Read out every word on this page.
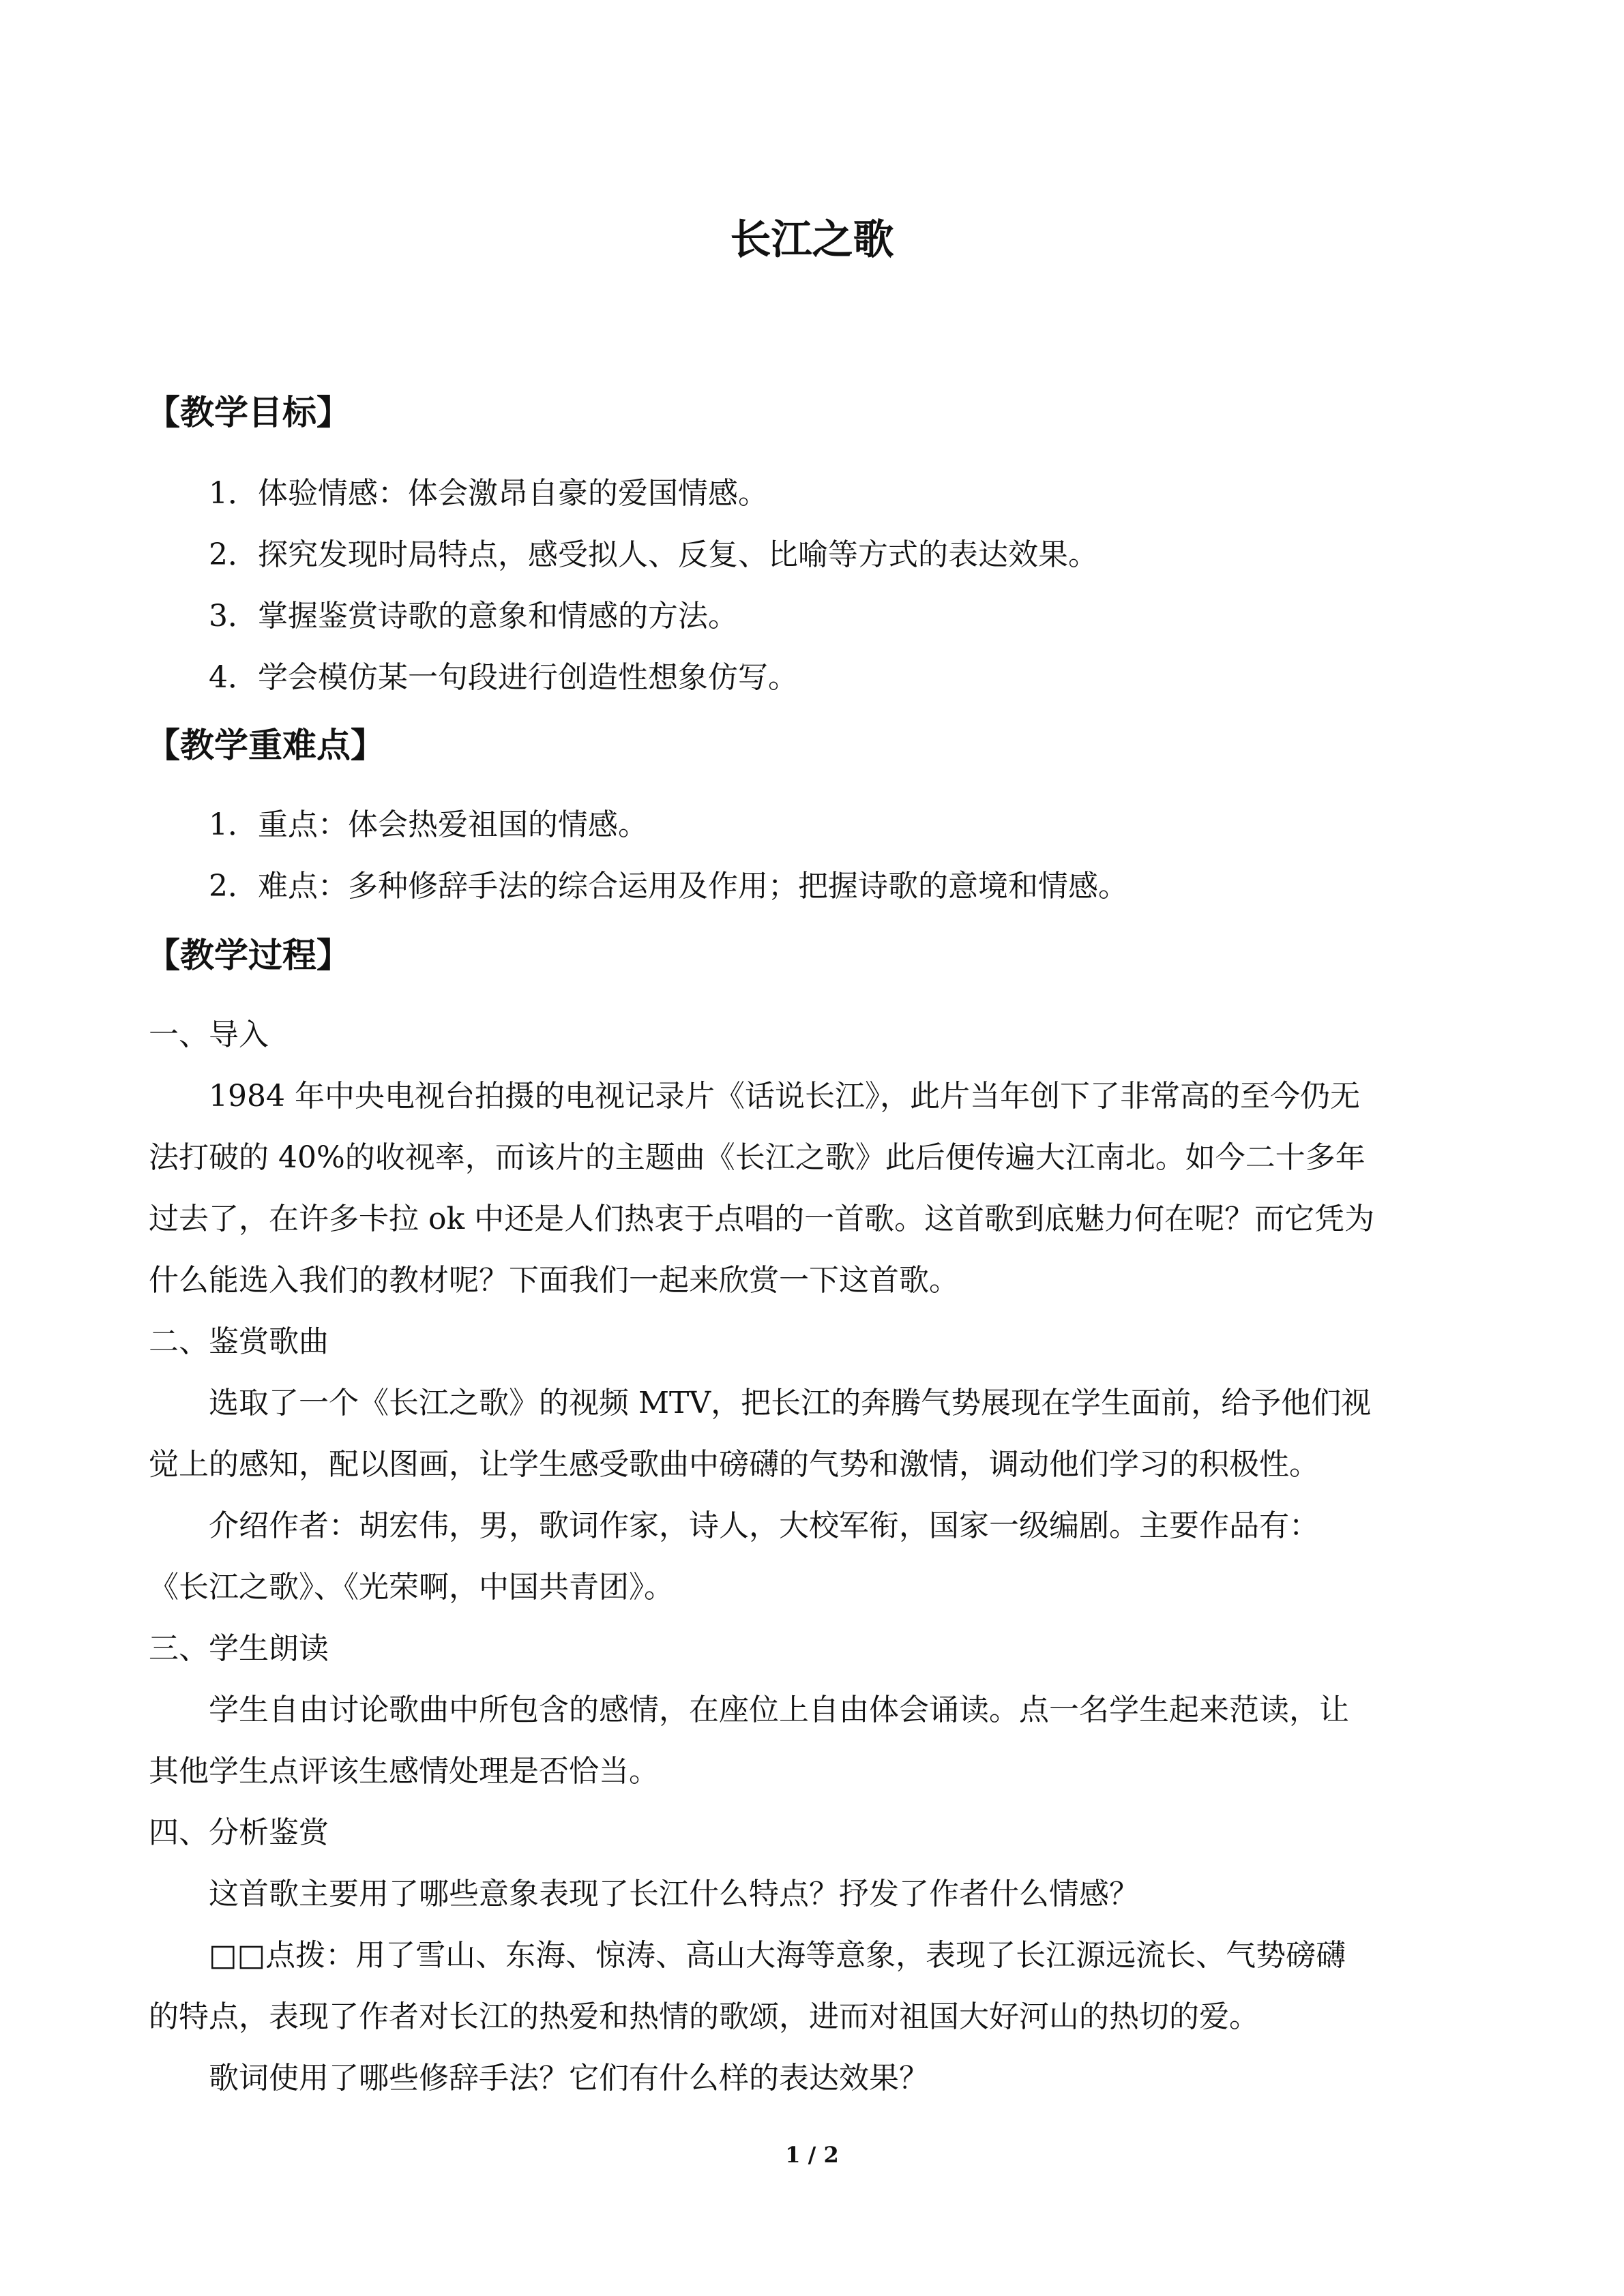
长江之歌
【教学目标】
1．体验情感：体会激昂自豪的爱国情感。
2．探究发现时局特点，感受拟人、反复、比喻等方式的表达效果。
3．掌握鉴赏诗歌的意象和情感的方法。
4．学会模仿某一句段进行创造性想象仿写。
【教学重难点】
1．重点：体会热爱祖国的情感。
2．难点：多种修辞手法的综合运用及作用；把握诗歌的意境和情感。
【教学过程】
一、导入
1984 年中央电视台拍摄的电视记录片《话说长江》，此片当年创下了非常高的至今仍无
法打破的 40%的收视率，而该片的主题曲《长江之歌》此后便传遍大江南北。如今二十多年
过去了，在许多卡拉 ok 中还是人们热衷于点唱的一首歌。这首歌到底魅力何在呢？而它凭为
什么能选入我们的教材呢？下面我们一起来欣赏一下这首歌。
二、鉴赏歌曲
选取了一个《长江之歌》的视频 MTV，把长江的奔腾气势展现在学生面前，给予他们视
觉上的感知，配以图画，让学生感受歌曲中磅礴的气势和激情，调动他们学习的积极性。
介绍作者：胡宏伟，男，歌词作家，诗人，大校军衔，国家一级编剧。主要作品有：
《长江之歌》、《光荣啊，中国共青团》。
三、学生朗读
学生自由讨论歌曲中所包含的感情，在座位上自由体会诵读。点一名学生起来范读，让
其他学生点评该生感情处理是否恰当。
四、分析鉴赏
这首歌主要用了哪些意象表现了长江什么特点？抒发了作者什么情感？
□□点拨：用了雪山、东海、惊涛、高山大海等意象，表现了长江源远流长、气势磅礴
的特点，表现了作者对长江的热爱和热情的歌颂，进而对祖国大好河山的热切的爱。
歌词使用了哪些修辞手法？它们有什么样的表达效果？
1 / 2
